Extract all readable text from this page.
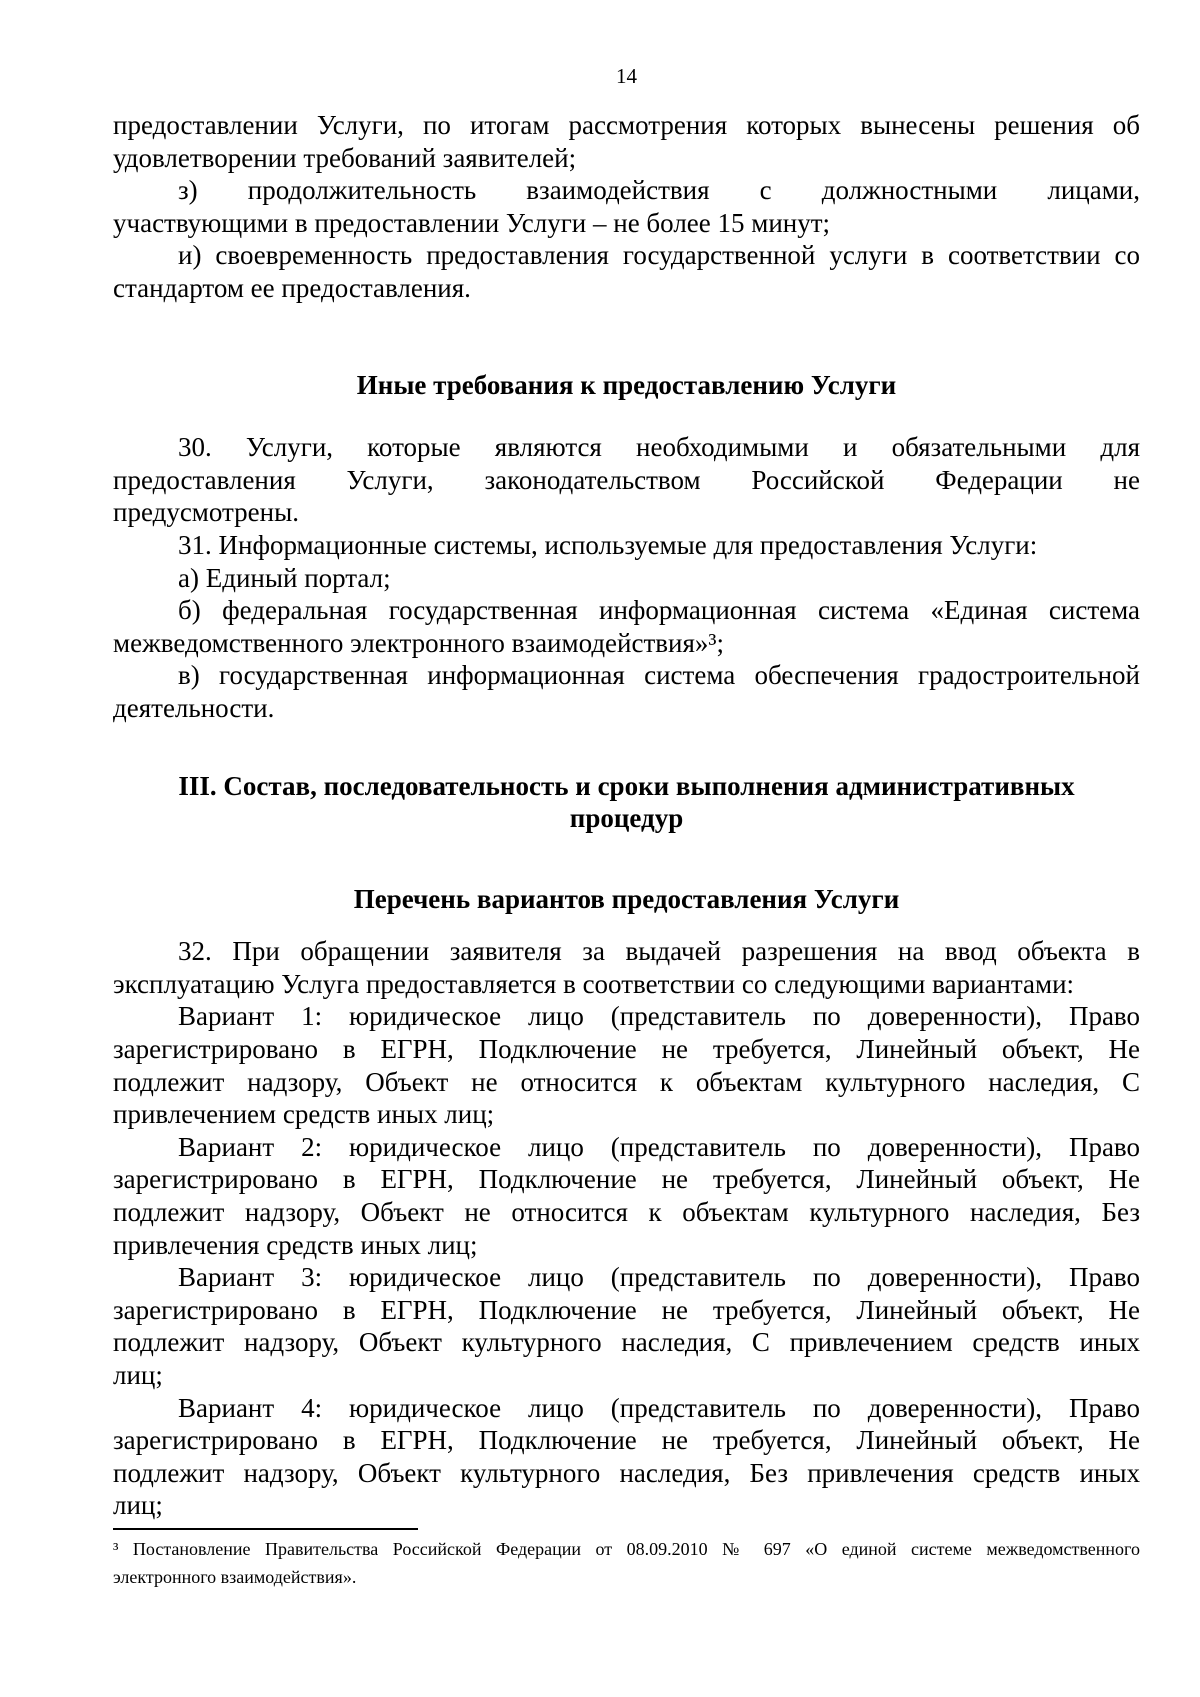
14
предоставлении Услуги, по итогам рассмотрения которых вынесены решения об
удовлетворении требований заявителей;
з) продолжительность взаимодействия с должностными лицами,
участвующими в предоставлении Услуги – не более 15 минут;
и) своевременность предоставления государственной услуги в соответствии со
стандартом ее предоставления.
Иные требования к предоставлению Услуги
30. Услуги, которые являются необходимыми и обязательными для
предоставления Услуги, законодательством Российской Федерации не
предусмотрены.
31. Информационные системы, используемые для предоставления Услуги:
а) Единый портал;
б) федеральная государственная информационная система «Единая система
межведомственного электронного взаимодействия»³;
в) государственная информационная система обеспечения градостроительной
деятельности.
III. Состав, последовательность и сроки выполнения административных
процедур
Перечень вариантов предоставления Услуги
32. При обращении заявителя за выдачей разрешения на ввод объекта в
эксплуатацию Услуга предоставляется в соответствии со следующими вариантами:
Вариант 1: юридическое лицо (представитель по доверенности), Право
зарегистрировано в ЕГРН, Подключение не требуется, Линейный объект, Не
подлежит надзору, Объект не относится к объектам культурного наследия, С
привлечением средств иных лиц;
Вариант 2: юридическое лицо (представитель по доверенности), Право
зарегистрировано в ЕГРН, Подключение не требуется, Линейный объект, Не
подлежит надзору, Объект не относится к объектам культурного наследия, Без
привлечения средств иных лиц;
Вариант 3: юридическое лицо (представитель по доверенности), Право
зарегистрировано в ЕГРН, Подключение не требуется, Линейный объект, Не
подлежит надзору, Объект культурного наследия, С привлечением средств иных
лиц;
Вариант 4: юридическое лицо (представитель по доверенности), Право
зарегистрировано в ЕГРН, Подключение не требуется, Линейный объект, Не
подлежит надзору, Объект культурного наследия, Без привлечения средств иных
лиц;
³ Постановление Правительства Российской Федерации от 08.09.2010 № 697 «О единой системе межведомственного
электронного взаимодействия».
